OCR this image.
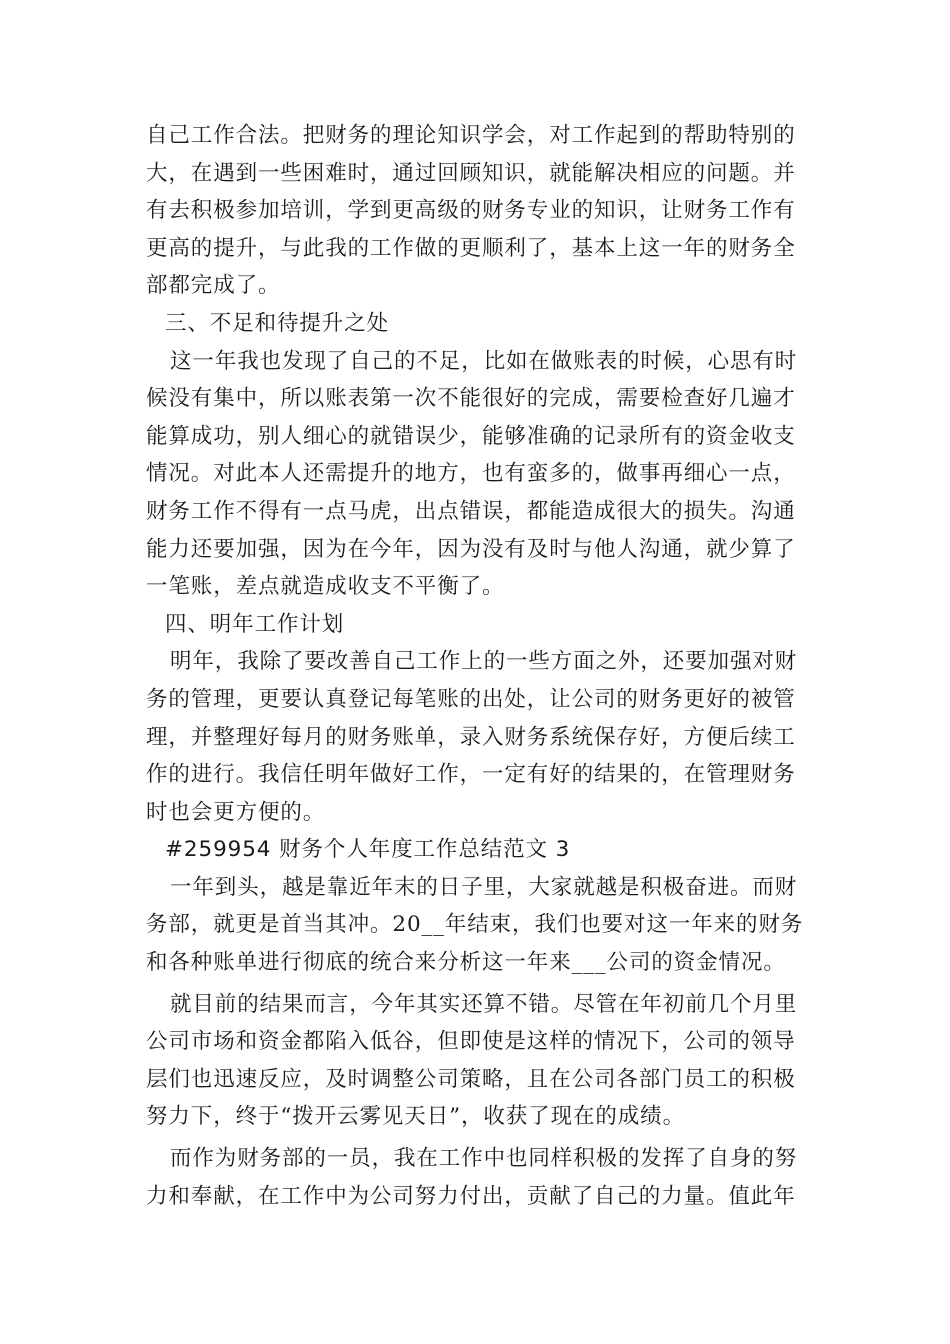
自己工作合法。把财务的理论知识学会，对工作起到的帮助特别的大，在遇到一些困难时，通过回顾知识，就能解决相应的问题。并有去积极参加培训，学到更高级的财务专业的知识，让财务工作有更高的提升，与此我的工作做的更顺利了，基本上这一年的财务全部都完成了。

三、不足和待提升之处

这一年我也发现了自己的不足，比如在做账表的时候，心思有时候没有集中，所以账表第一次不能很好的完成，需要检查好几遍才能算成功，别人细心的就错误少，能够准确的记录所有的资金收支情况。对此本人还需提升的地方，也有蛮多的，做事再细心一点，财务工作不得有一点马虎，出点错误，都能造成很大的损失。沟通能力还要加强，因为在今年，因为没有及时与他人沟通，就少算了一笔账，差点就造成收支不平衡了。

四、明年工作计划

明年，我除了要改善自己工作上的一些方面之外，还要加强对财务的管理，更要认真登记每笔账的出处，让公司的财务更好的被管理，并整理好每月的财务账单，录入财务系统保存好，方便后续工作的进行。我信任明年做好工作，一定有好的结果的，在管理财务时也会更方便的。

#259954 财务个人年度工作总结范文 3

一年到头，越是靠近年末的日子里，大家就越是积极奋进。而财务部，就更是首当其冲。20__年结束，我们也要对这一年来的财务和各种账单进行彻底的统合来分析这一年来___公司的资金情况。

就目前的结果而言，今年其实还算不错。尽管在年初前几个月里公司市场和资金都陷入低谷，但即使是这样的情况下，公司的领导层们也迅速反应，及时调整公司策略，且在公司各部门员工的积极努力下，终于“拨开云雾见天日”，收获了现在的成绩。

而作为财务部的一员，我在工作中也同样积极的发挥了自身的努力和奉献，在工作中为公司努力付出，贡献了自己的力量。值此年
